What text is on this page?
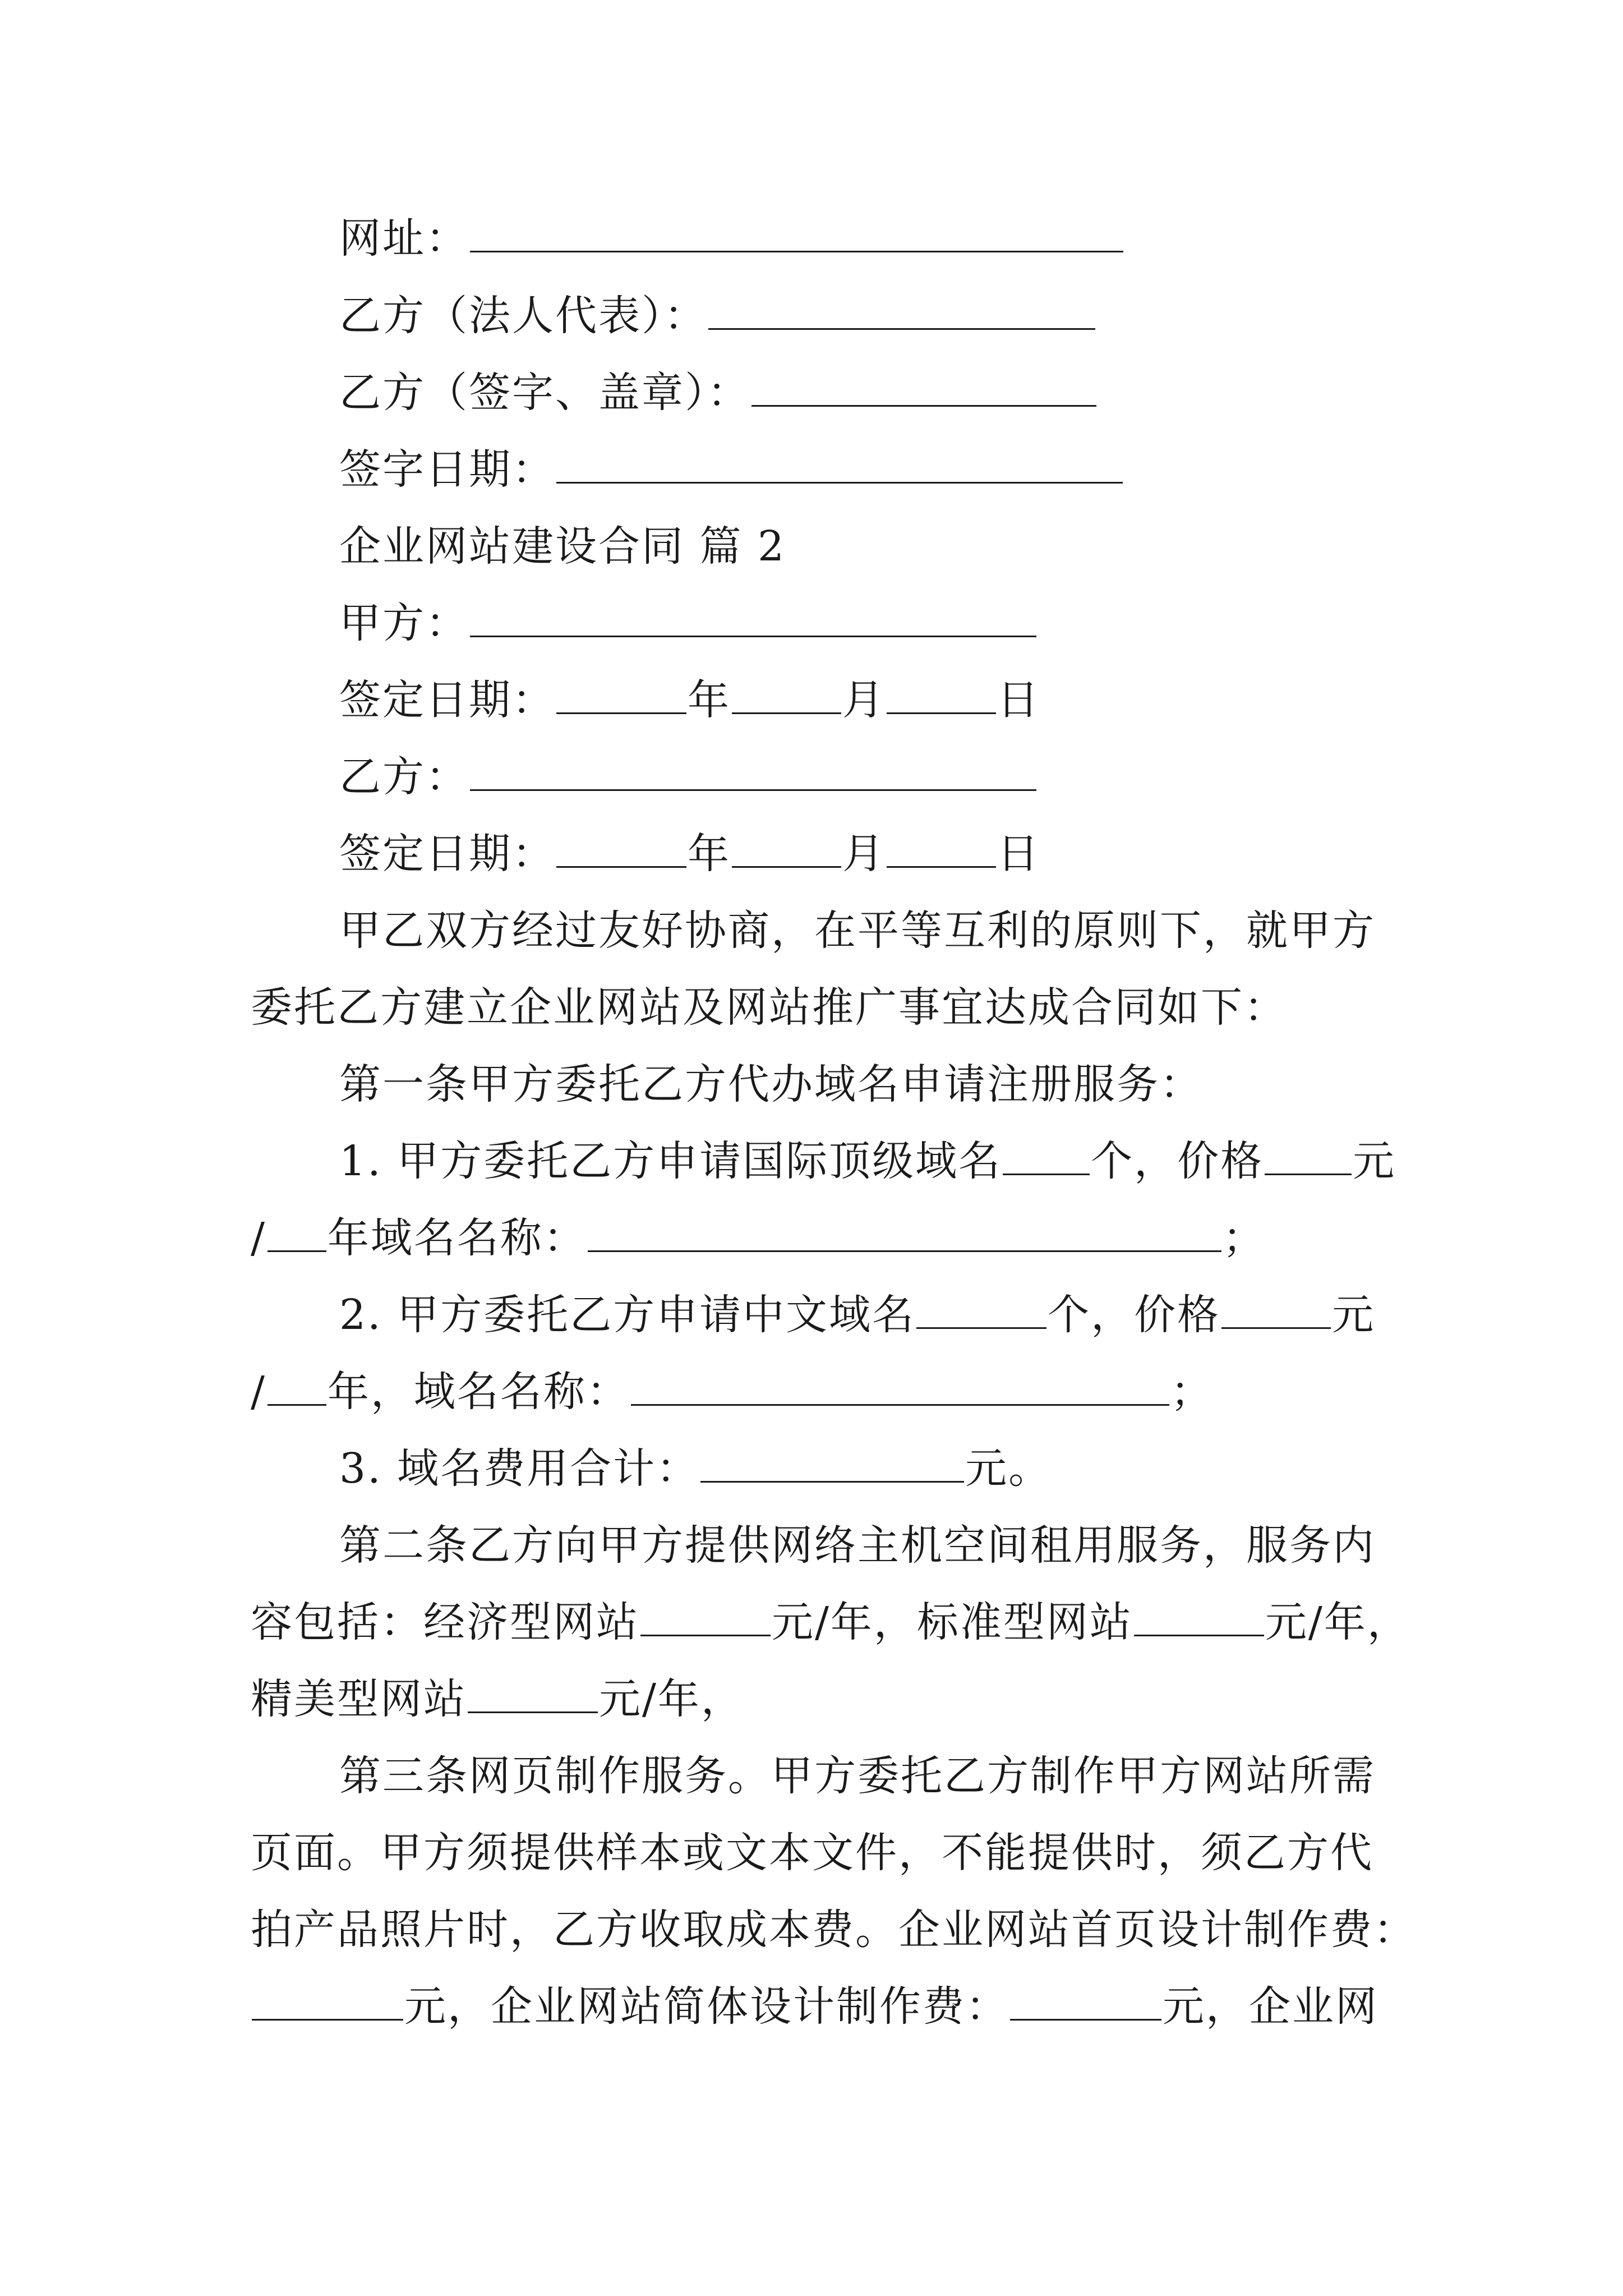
网址：
乙方（法人代表）：
乙方（签字、盖章）：
签字日期：
企业网站建设合同 篇 2
甲方：
签定日期：	年	月	日
乙方：
签定日期：	年	月	日
甲乙双方经过友好协商，在平等互利的原则下，就甲方
委托乙方建立企业网站及网站推广事宜达成合同如下：
第一条甲方委托乙方代办域名申请注册服务：
1. 甲方委托乙方申请国际顶级域名 个，价格 元
/ 年域名名称：	；
2. 甲方委托乙方申请中文域名	个，价格	元
/ 年，域名名称：	；
3. 域名费用合计：	元。
第二条乙方向甲方提供网络主机空间租用服务，服务内
容包括：经济型网站	元/年，标准型网站	元/年，
精美型网站	元/年，
第三条网页制作服务。甲方委托乙方制作甲方网站所需
页面。甲方须提供样本或文本文件，不能提供时，须乙方代
拍产品照片时，乙方收取成本费。企业网站首页设计制作费：
元，企业网站简体设计制作费：	元，企业网
